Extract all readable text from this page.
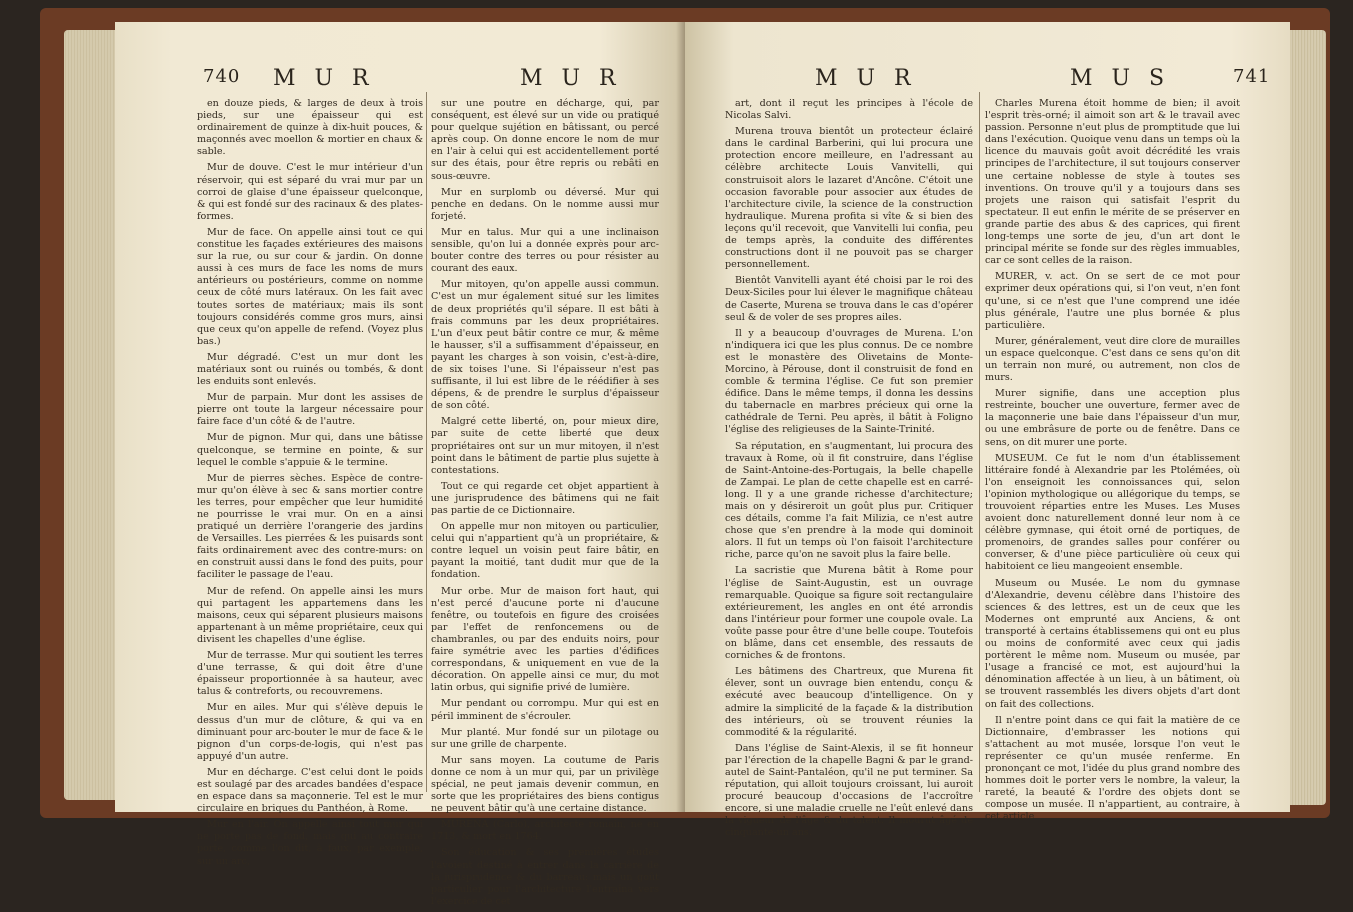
740 M U R	M U R

en douze pieds, & larges de deux à trois pieds, sur une épaisseur qui est ordinairement de quinze à dix-huit pouces, & maçonnés avec moellon & mortier en chaux & sable.

Mur de douve. C'est le mur intérieur d'un réservoir, qui est séparé du vrai mur par un corroi de glaise d'une épaisseur quelconque, & qui est fondé sur des racinaux & des plates-formes.

Mur de face. On appelle ainsi tout ce qui constitue les façades extérieures des maisons sur la rue, ou sur cour & jardin. On donne aussi à ces murs de face les noms de murs antérieurs ou postérieurs, comme on nomme ceux de côté murs latéraux. On les fait avec toutes sortes de matériaux; mais ils sont toujours considérés comme gros murs, ainsi que ceux qu'on appelle de refend. (Voyez plus bas.)

Mur dégradé. C'est un mur dont les matériaux sont ou ruinés ou tombés, & dont les enduits sont enlevés.

Mur de parpain. Mur dont les assises de pierre ont toute la largeur nécessaire pour faire face d'un côté & de l'autre.

Mur de pignon. Mur qui, dans une bâtisse quelconque, se termine en pointe, & sur lequel le comble s'appuie & le termine.

Mur de pierres sèches. Espèce de contre-mur qu'on élève à sec & sans mortier contre les terres, pour empêcher que leur humidité ne pourrisse le vrai mur. On en a ainsi pratiqué un derrière l'orangerie des jardins de Versailles. Les pierrées & les puisards sont faits ordinairement avec des contre-murs: on en construit aussi dans le fond des puits, pour faciliter le passage de l'eau.

Mur de refend. On appelle ainsi les murs qui partagent les appartemens dans les maisons, ceux qui séparent plusieurs maisons appartenant à un même propriétaire, ceux qui divisent les chapelles d'une église.

Mur de terrasse. Mur qui soutient les terres d'une terrasse, & qui doit être d'une épaisseur proportionnée à sa hauteur, avec talus & contreforts, ou recouvremens.

Mur en ailes. Mur qui s'élève depuis le dessus d'un mur de clôture, & qui va en diminuant pour arc-bouter le mur de face & le pignon d'un corps-de-logis, qui n'est pas appuyé d'un autre.

Mur en décharge. C'est celui dont le poids est soulagé par des arcades bandées d'espace en espace dans sa maçonnerie. Tel est le mur circulaire en briques du Panthéon, à Rome.

Mur en l'air. On appelle ainsi tout mur qui ne porte pas de fond, mais qui au contraire porte, comme l'on dit, à faux, par exemple, sur un arc,

sur une poutre en décharge, qui, par conséquent, est élevé sur un vide ou pratiqué pour quelque sujétion en bâtissant, ou percé après coup. On donne encore le nom de mur en l'air à celui qui est accidentellement porté sur des étais, pour être repris ou rebâti en sous-œuvre.

Mur en surplomb ou déversé. Mur qui penche en dedans. On le nomme aussi mur forjeté.

Mur en talus. Mur qui a une inclinaison sensible, qu'on lui a donnée exprès pour arc-bouter contre des terres ou pour résister au courant des eaux.

Mur mitoyen, qu'on appelle aussi commun. C'est un mur également situé sur les limites de deux propriétés qu'il sépare. Il est bâti à frais communs par les deux propriétaires. L'un d'eux peut bâtir contre ce mur, & même le hausser, s'il a suffisamment d'épaisseur, en payant les charges à son voisin, c'est-à-dire, de six toises l'une. Si l'épaisseur n'est pas suffisante, il lui est libre de le réédifier à ses dépens, & de prendre le surplus d'épaisseur de son côté.

Malgré cette liberté, on, pour mieux dire, par suite de cette liberté que deux propriétaires ont sur un mur mitoyen, il n'est point dans le bâtiment de partie plus sujette à contestations.

Tout ce qui regarde cet objet appartient à une jurisprudence des bâtimens qui ne fait pas partie de ce Dictionnaire.

On appelle mur non mitoyen ou particulier, celui qui n'appartient qu'à un propriétaire, & contre lequel un voisin peut faire bâtir, en payant la moitié, tant dudit mur que de la fondation.

Mur orbe. Mur de maison fort haut, qui n'est percé d'aucune porte ni d'aucune fenêtre, ou toutefois en figure des croisées par l'effet de renfoncemens ou de chambranles, ou par des enduits noirs, pour faire symétrie avec les parties d'édifices correspondans, & uniquement en vue de la décoration. On appelle ainsi ce mur, du mot latin orbus, qui signifie privé de lumière.

Mur pendant ou corrompu. Mur qui est en péril imminent de s'écrouler.

Mur planté. Mur fondé sur un pilotage ou sur une grille de charpente.

Mur sans moyen. La coutume de Paris donne ce nom à un mur qui, par un privilège spécial, ne peut jamais devenir commun, en sorte que les propriétaires des biens contigus ne peuvent bâtir qu'à une certaine distance.

MURENA (Carlo), architecte romain, né en 1713, & mort en 1764.

Son éducation & ses premières études l'avoient destiné à entrer dans la carrière de la jurisprudence & du barreau: mais un goût particulier pour l'architecture l'entraîna vers l'exercice de cet

M U R	M U S	741

art, dont il reçut les principes à l'école de Nicolas Salvi.

Murena trouva bientôt un protecteur éclairé dans le cardinal Barberini, qui lui procura une protection encore meilleure, en l'adressant au célèbre architecte Louis Vanvitelli, qui construisoit alors le lazaret d'Ancône. C'étoit une occasion favorable pour associer aux études de l'architecture civile, la science de la construction hydraulique. Murena profita si vîte & si bien des leçons qu'il recevoit, que Vanvitelli lui confia, peu de temps après, la conduite des différentes constructions dont il ne pouvoit pas se charger personnellement.

Bientôt Vanvitelli ayant été choisi par le roi des Deux-Siciles pour lui élever le magnifique château de Caserte, Murena se trouva dans le cas d'opérer seul & de voler de ses propres ailes.

Il y a beaucoup d'ouvrages de Murena. L'on n'indiquera ici que les plus connus. De ce nombre est le monastère des Olivetains de Monte-Morcino, à Pérouse, dont il construisit de fond en comble & termina l'église. Ce fut son premier édifice. Dans le même temps, il donna les dessins du tabernacle en marbres précieux qui orne la cathédrale de Terni. Peu après, il bâtit à Foligno l'église des religieuses de la Sainte-Trinité.

Sa réputation, en s'augmentant, lui procura des travaux à Rome, où il fit construire, dans l'église de Saint-Antoine-des-Portugais, la belle chapelle de Zampai. Le plan de cette chapelle est en carré-long. Il y a une grande richesse d'architecture; mais on y désireroit un goût plus pur. Critiquer ces détails, comme l'a fait Milizia, ce n'est autre chose que s'en prendre à la mode qui dominoit alors. Il fut un temps où l'on faisoit l'architecture riche, parce qu'on ne savoit plus la faire belle.

La sacristie que Murena bâtit à Rome pour l'église de Saint-Augustin, est un ouvrage remarquable. Quoique sa figure soit rectangulaire extérieurement, les angles en ont été arrondis dans l'intérieur pour former une coupole ovale. La voûte passe pour être d'une belle coupe. Toutefois on blâme, dans cet ensemble, des ressauts de corniches & de frontons.

Les bâtimens des Chartreux, que Murena fit élever, sont un ouvrage bien entendu, conçu & exécuté avec beaucoup d'intelligence. On y admire la simplicité de la façade & la distribution des intérieurs, où se trouvent réunies la commodité & la régularité.

Dans l'église de Saint-Alexis, il se fit honneur par l'érection de la chapelle Bagni & par le grand-autel de Saint-Pantaléon, qu'il ne put terminer. Sa réputation, qui alloit toujours croissant, lui auroit procuré beaucoup d'occasions de l'accroître encore, si une maladie cruelle ne l'eût enlevé dans la vigueur de l'âge & du talent. Il mourut âgé de cinquante-un ans.

Charles Murena étoit homme de bien; il avoit l'esprit très-orné; il aimoit son art & le travail avec passion. Personne n'eut plus de promptitude que lui dans l'exécution. Quoique venu dans un temps où la licence du mauvais goût avoit décrédité les vrais principes de l'architecture, il sut toujours conserver une certaine noblesse de style à toutes ses inventions. On trouve qu'il y a toujours dans ses projets une raison qui satisfait l'esprit du spectateur. Il eut enfin le mérite de se préserver en grande partie des abus & des caprices, qui firent long-temps une sorte de jeu, d'un art dont le principal mérite se fonde sur des règles immuables, car ce sont celles de la raison.

MURER, v. act. On se sert de ce mot pour exprimer deux opérations qui, si l'on veut, n'en font qu'une, si ce n'est que l'une comprend une idée plus générale, l'autre une plus bornée & plus particulière.

Murer, généralement, veut dire clore de murailles un espace quelconque. C'est dans ce sens qu'on dit un terrain non muré, ou autrement, non clos de murs.

Murer signifie, dans une acception plus restreinte, boucher une ouverture, fermer avec de la maçonnerie une baie dans l'épaisseur d'un mur, ou une embrâsure de porte ou de fenêtre. Dans ce sens, on dit murer une porte.

MUSEUM. Ce fut le nom d'un établissement littéraire fondé à Alexandrie par les Ptolémées, où l'on enseignoit les connoissances qui, selon l'opinion mythologique ou allégorique du temps, se trouvoient réparties entre les Muses. Les Muses avoient donc naturellement donné leur nom à ce célèbre gymnase, qui étoit orné de portiques, de promenoirs, de grandes salles pour conférer ou converser, & d'une pièce particulière où ceux qui habitoient ce lieu mangeoient ensemble.

Museum ou Musée. Le nom du gymnase d'Alexandrie, devenu célèbre dans l'histoire des sciences & des lettres, est un de ceux que les Modernes ont emprunté aux Anciens, & ont transporté à certains établissemens qui ont eu plus ou moins de conformité avec ceux qui jadis portèrent le même nom. Museum ou musée, par l'usage a francisé ce mot, est aujourd'hui la dénomination affectée à un lieu, à un bâtiment, où se trouvent rassemblés les divers objets d'art dont on fait des collections.

Il n'entre point dans ce qui fait la matière de ce Dictionnaire, d'embrasser les notions qui s'attachent au mot musée, lorsque l'on veut le représenter ce qu'un musée renferme. En prononçant ce mot, l'idée du plus grand nombre des hommes doit le porter vers le nombre, la valeur, la rareté, la beauté & l'ordre des objets dont se compose un musée. Il n'appartient, au contraire, à cet article
